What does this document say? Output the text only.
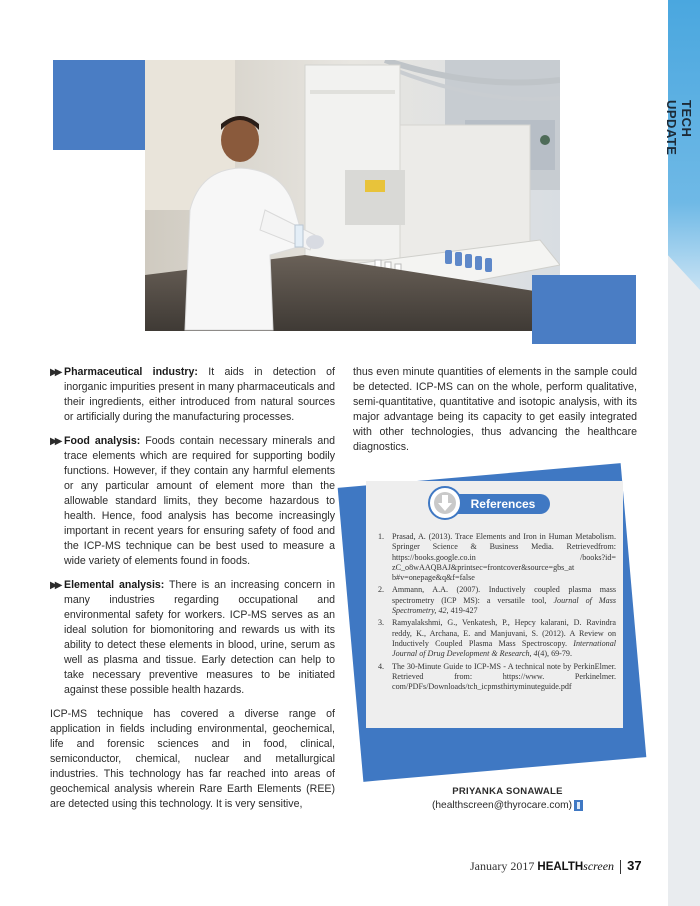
TECH UPDATE

▶▶ Pharmaceutical industry: It aids in detection of inorganic impurities present in many pharmaceuticals and their ingredients, either introduced from natural sources or artificially during the manufacturing processes.

▶▶ Food analysis: Foods contain necessary minerals and trace elements which are required for supporting bodily functions. However, if they contain any harmful elements or any particular amount of element more than the allowable standard limits, they become hazardous to health. Hence, food analysis has become increasingly important in recent years for ensuring safety of food and the ICP-MS technique can be best used to measure a wide variety of elements found in foods.

▶▶ Elemental analysis: There is an increasing concern in many industries regarding occupational and environmental safety for workers. ICP-MS serves as an ideal solution for biomonitoring and rewards us with its ability to detect these elements in blood, urine, serum as well as plasma and tissue. Early detection can help to take necessary preventive measures to be initiated against these possible health hazards.

ICP-MS technique has covered a diverse range of application in fields including environmental, geochemical, life and forensic sciences and in food, clinical, semiconductor, chemical, nuclear and metallurgical industries. This technology has far reached into areas of geochemical analysis wherein Rare Earth Elements (REE) are detected using this technology. It is very sensitive,

thus even minute quantities of elements in the sample could be detected. ICP-MS can on the whole, perform qualitative, semi-quantitative, quantitative and isotopic analysis, with its major advantage being its capacity to get easily integrated with other technologies, thus advancing the healthcare diagnostics.

References
1. Prasad, A. (2013). Trace Elements and Iron in Human Metabolism. Springer Science & Business Media. Retrievedfrom: https://books.google.co.in /books?id= zC_o8wAAQBAJ&printsec=frontcover&source=gbs_at b#v=onepage&q&f=false
2. Ammann, A.A. (2007). Inductively coupled plasma mass spectrometry (ICP MS): a versatile tool, Journal of Mass Spectrometry, 42, 419-427
3. Ramyalakshmi, G., Venkatesh, P., Hepcy kalarani, D. Ravindra reddy, K., Archana, E. and Manjuvani, S. (2012). A Review on Inductively Coupled Plasma Mass Spectroscopy. International Journal of Drug Development & Research, 4(4), 69-79.
4. The 30-Minute Guide to ICP-MS - A technical note by PerkinElmer. Retrieved from: https://www. Perkinelmer. com/PDFs/Downloads/tch_icpmsthirtyminuteguide.pdf
PRIYANKA SONAWALE
(healthscreen@thyrocare.com)
January 2017 HEALTHscreen 37
